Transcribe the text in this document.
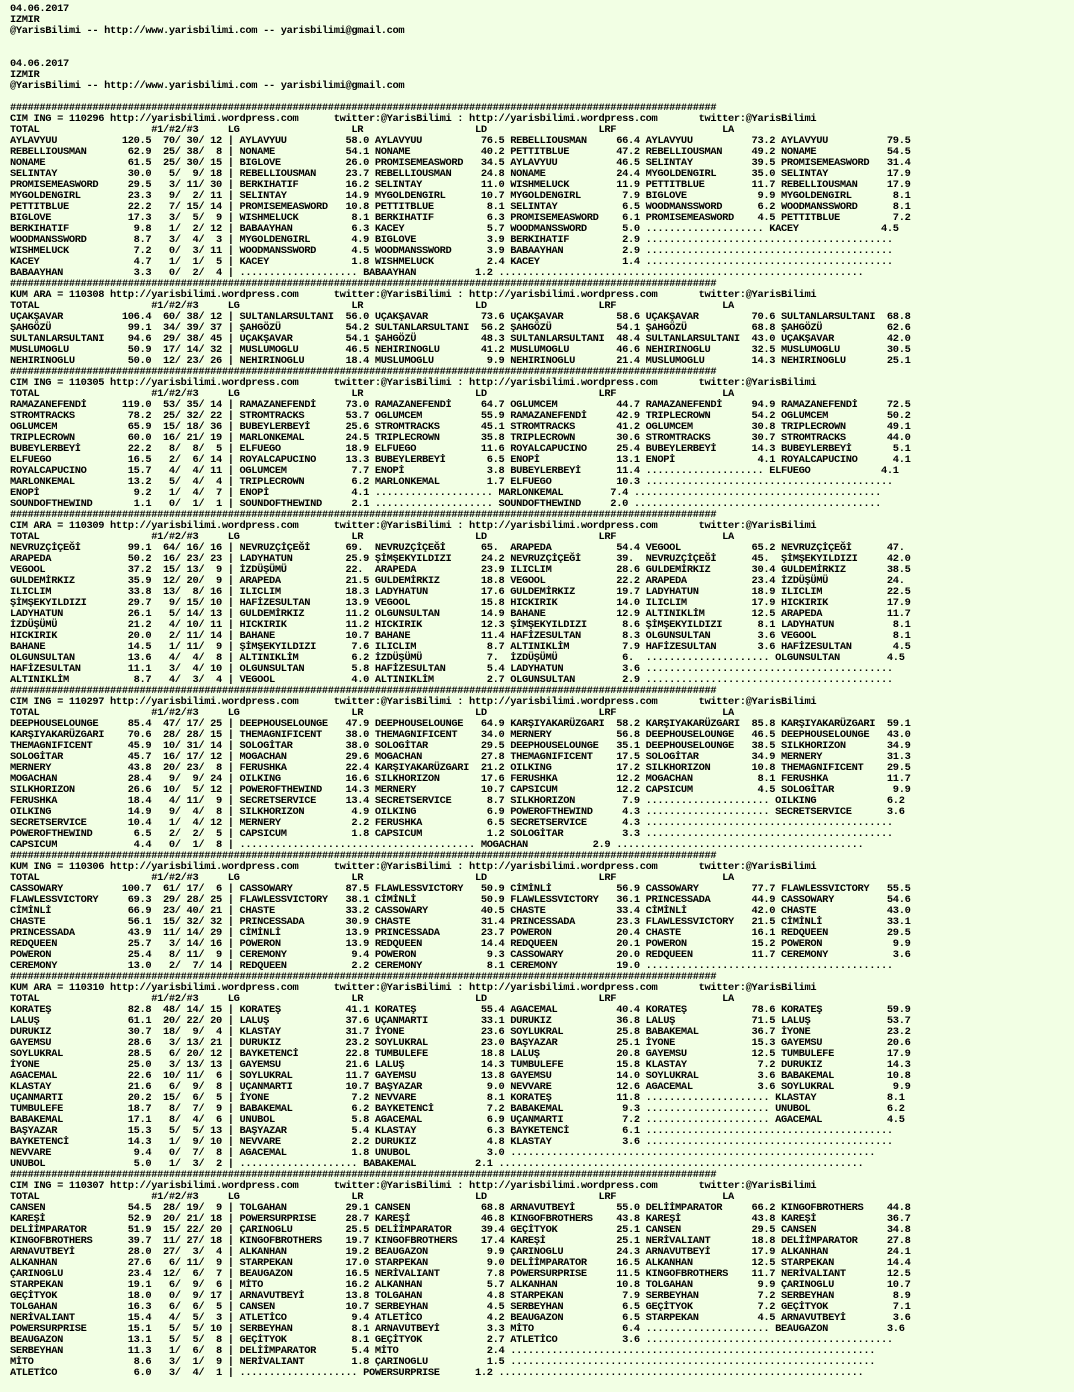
04.06.2017
IZMIR
@YarisBilimi -- http://www.yarisbilimi.com -- yarisbilimi@gmail.com

04.06.2017
IZMIR
@YarisBilimi -- http://www.yarisbilimi.com -- yarisbilimi@gmail.com

########################################################################################################################
CIM ING = 110296 http://yarisbilimi.wordpress.com      twitter:@YarisBilimi : http://yarisbilimi.wordpress.com       twitter:@YarisBilimi
TOTAL                   #1/#2/#3     LG                   LR                   LD                   LRF                  LA
AYLAVYUU           120.5  70/ 30/ 12 | AYLAVYUU          58.0 AYLAVYUU          76.5 REBELLIOUSMAN     66.4 AYLAVYUU          73.2 AYLAVYUU          79.5
REBELLIOUSMAN       62.9  25/ 38/  8 | NONAME            54.1 NONAME            40.2 PETTITBLUE        47.2 REBELLIOUSMAN     49.2 NONAME            54.5
NONAME              61.5  25/ 30/ 15 | BIGLOVE           26.0 PROMISEMEASWORD   34.5 AYLAVYUU          46.5 SELINTAY          39.5 PROMISEMEASWORD   31.4
SELINTAY            30.0   5/  9/ 18 | REBELLIOUSMAN     23.7 REBELLIOUSMAN     24.8 NONAME            24.4 MYGOLDENGIRL      35.0 SELINTAY          17.9
PROMISEMEASWORD     29.5   3/ 11/ 30 | BERKIHATIF        16.2 SELINTAY          11.0 WISHMELUCK        11.9 PETTITBLUE        11.7 REBELLIOUSMAN     17.9
MYGOLDENGIRL        23.3   9/  2/ 11 | SELINTAY          14.9 MYGOLDENGIRL      10.7 MYGOLDENGIRL       7.9 BIGLOVE            9.9 MYGOLDENGIRL       8.1
PETTITBLUE          22.2   7/ 15/ 14 | PROMISEMEASWORD   10.8 PETTITBLUE         8.1 SELINTAY           6.5 WOODMANSSWORD      6.2 WOODMANSSWORD      8.1
BIGLOVE             17.3   3/  5/  9 | WISHMELUCK         8.1 BERKIHATIF         6.3 PROMISEMEASWORD    6.1 PROMISEMEASWORD    4.5 PETTITBLUE         7.2
BERKIHATIF           9.8   1/  2/ 12 | BABAAYHAN          6.3 KACEY              5.7 WOODMANSSWORD      5.0 .................... KACEY              4.5
WOODMANSSWORD        8.7   3/  4/  3 | MYGOLDENGIRL       4.9 BIGLOVE            3.9 BERKIHATIF         2.9 ..........................................
WISHMELUCK           7.2   0/  3/ 11 | WOODMANSSWORD      4.5 WOODMANSSWORD      3.9 BABAAYHAN          2.9 ..........................................
KACEY                4.7   1/  1/  5 | KACEY              1.8 WISHMELUCK         2.4 KACEY              1.4 ..........................................
BABAAYHAN            3.3   0/  2/  4 | .................... BABAAYHAN          1.2 ..............................................................
########################################################################################################################
KUM ARA = 110308 http://yarisbilimi.wordpress.com      twitter:@YarisBilimi : http://yarisbilimi.wordpress.com       twitter:@YarisBilimi
TOTAL                   #1/#2/#3     LG                   LR                   LD                   LRF                  LA
UÇAKŞAVAR          106.4  60/ 38/ 12 | SULTANLARSULTANI  56.0 UÇAKŞAVAR         73.6 UÇAKŞAVAR         58.6 UÇAKŞAVAR         70.6 SULTANLARSULTANI  68.8
ŞAHGÖZÜ             99.1  34/ 39/ 37 | ŞAHGÖZÜ           54.2 SULTANLARSULTANI  56.2 ŞAHGÖZÜ           54.1 ŞAHGÖZÜ           68.8 ŞAHGÖZÜ           62.6
SULTANLARSULTANI    94.6  29/ 38/ 45 | UÇAKŞAVAR         54.1 ŞAHGÖZÜ           48.3 SULTANLARSULTANI  48.4 SULTANLARSULTANI  43.0 UÇAKŞAVAR         42.0
MUSLUMOGLU          50.9  17/ 14/ 32 | MUSLUMOGLU        46.5 NEHIRINOGLU       41.2 MUSLUMOGLU        46.6 NEHIRINOGLU       32.5 MUSLUMOGLU        30.5
NEHIRINOGLU         50.0  12/ 23/ 26 | NEHIRINOGLU       18.4 MUSLUMOGLU         9.9 NEHIRINOGLU       21.4 MUSLUMOGLU        14.3 NEHIRINOGLU       25.1
########################################################################################################################
CIM ING = 110305 http://yarisbilimi.wordpress.com      twitter:@YarisBilimi : http://yarisbilimi.wordpress.com       twitter:@YarisBilimi
TOTAL                   #1/#2/#3     LG                   LR                   LD                   LRF                  LA
RAMAZANEFENDİ      119.0  53/ 35/ 14 | RAMAZANEFENDİ     73.0 RAMAZANEFENDİ     64.7 OGLUMCEM          44.7 RAMAZANEFENDİ     94.9 RAMAZANEFENDİ     72.5
STROMTRACKS         78.2  25/ 32/ 22 | STROMTRACKS       53.7 OGLUMCEM          55.9 RAMAZANEFENDİ     42.9 TRIPLECROWN       54.2 OGLUMCEM          50.2
OGLUMCEM            65.9  15/ 18/ 36 | BUBEYLERBEYİ      25.6 STROMTRACKS       45.1 STROMTRACKS       41.2 OGLUMCEM          30.8 TRIPLECROWN       49.1
TRIPLECROWN         60.0  16/ 21/ 19 | MARLONKEMAL       24.5 TRIPLECROWN       35.8 TRIPLECROWN       30.6 STROMTRACKS       30.7 STROMTRACKS       44.0
BUBEYLERBEYİ        22.2   8/  8/  5 | ELFUEGO           18.9 ELFUEGO           11.6 ROYALCAPUCINO     25.4 BUBEYLERBEYİ      14.3 BUBEYLERBEYİ       5.1
ELFUEGO             16.5   2/  6/ 14 | ROYALCAPUCINO     13.3 BUBEYLERBEYİ       6.5 ENOPİ             13.1 ENOPİ              4.1 ROYALCAPUCINO      4.1
ROYALCAPUCINO       15.7   4/  4/ 11 | OGLUMCEM           7.7 ENOPİ              3.8 BUBEYLERBEYİ      11.4 .................... ELFUEGO            4.1
MARLONKEMAL         13.2   5/  4/  4 | TRIPLECROWN        6.2 MARLONKEMAL        1.7 ELFUEGO           10.3 ..........................................
ENOPİ                9.2   1/  4/  7 | ENOPİ              4.1 .................... MARLONKEMAL        7.4 ..........................................
SOUNDOFTHEWIND       1.1   0/  1/  1 | SOUNDOFTHEWIND     2.1 .................... SOUNDOFTHEWIND     2.0 ..........................................
########################################################################################################################
CIM ARA = 110309 http://yarisbilimi.wordpress.com      twitter:@YarisBilimi : http://yarisbilimi.wordpress.com       twitter:@YarisBilimi
TOTAL                   #1/#2/#3     LG                   LR                   LD                   LRF                  LA
NEVRUZÇİÇEĞİ        99.1  64/ 16/ 16 | NEVRUZÇİÇEĞİ      69.  NEVRUZÇİÇEĞİ      65.  ARAPEDA           54.4 VEGOOL            65.2 NEVRUZÇİÇEĞİ      47.
ARAPEDA             50.2  16/ 23/ 23 | LADYHATUN         25.9 ŞİMŞEKYILDIZI     24.2 NEVRUZÇİÇEĞİ      39.  NEVRUZÇİÇEĞİ      45.  ŞİMŞEKYILDIZI     42.0
VEGOOL              37.2  15/ 13/  9 | İZDÜŞÜMÜ          22.  ARAPEDA           23.9 ILICLIM           28.6 GULDEMİRKIZ       30.4 GULDEMİRKIZ       38.5
GULDEMİRKIZ         35.9  12/ 20/  9 | ARAPEDA           21.5 GULDEMİRKIZ       18.8 VEGOOL            22.2 ARAPEDA           23.4 İZDÜŞÜMÜ          24.
ILICLIM             33.8  13/  8/ 16 | ILICLIM           18.3 LADYHATUN         17.6 GULDEMİRKIZ       19.7 LADYHATUN         18.9 ILICLIM           22.5
ŞİMŞEKYILDIZI       29.7   9/ 15/ 10 | HAFİZESULTAN      13.9 VEGOOL            15.8 HICKIRIK          14.0 ILICLIM           17.9 HICKIRIK          17.9
LADYHATUN           26.1   5/ 14/ 13 | GULDEMİRKIZ       11.2 OLGUNSULTAN       14.9 BAHANE            12.9 ALTINIKLİM        12.5 ARAPEDA           11.7
İZDÜŞÜMÜ            21.2   4/ 10/ 11 | HICKIRIK          11.2 HICKIRIK          12.3 ŞİMŞEKYILDIZI      8.6 ŞİMŞEKYILDIZI      8.1 LADYHATUN          8.1
HICKIRIK            20.0   2/ 11/ 14 | BAHANE            10.7 BAHANE            11.4 HAFİZESULTAN       8.3 OLGUNSULTAN        3.6 VEGOOL             8.1
BAHANE              14.5   1/ 11/  9 | ŞİMŞEKYILDIZI      7.6 ILICLIM            8.7 ALTINIKLİM         7.9 HAFİZESULTAN       3.6 HAFİZESULTAN       4.5
OLGUNSULTAN         13.6   4/  4/  8 | ALTINIKLİM         6.2 İZDÜŞÜMÜ           7.  İZDÜŞÜMÜ           6.  ..................... OLGUNSULTAN        4.5
HAFİZESULTAN        11.1   3/  4/ 10 | OLGUNSULTAN        5.8 HAFİZESULTAN       5.4 LADYHATUN          3.6 ..........................................
ALTINIKLİM           8.7   4/  3/  4 | VEGOOL             4.0 ALTINIKLİM         2.7 OLGUNSULTAN        2.9 ..........................................
########################################################################################################################
CIM ING = 110297 http://yarisbilimi.wordpress.com      twitter:@YarisBilimi : http://yarisbilimi.wordpress.com       twitter:@YarisBilimi
TOTAL                   #1/#2/#3     LG                   LR                   LD                   LRF                  LA
DEEPHOUSELOUNGE     85.4  47/ 17/ 25 | DEEPHOUSELOUNGE   47.9 DEEPHOUSELOUNGE   64.9 KARŞIYAKARÜZGARI  58.2 KARŞIYAKARÜZGARI  85.8 KARŞIYAKARÜZGARI  59.1
KARŞIYAKARÜZGARI    70.6  28/ 28/ 15 | THEMAGNIFICENT    38.0 THEMAGNIFICENT    34.0 MERNERY           56.8 DEEPHOUSELOUNGE   46.5 DEEPHOUSELOUNGE   43.0
THEMAGNIFICENT      45.9  10/ 31/ 14 | SOLOGİTAR         38.0 SOLOGİTAR         29.5 DEEPHOUSELOUNGE   35.1 DEEPHOUSELOUNGE   38.5 SILKHORIZON       34.9
SOLOGİTAR           45.7  16/ 17/ 12 | MOGACHAN          29.6 MOGACHAN          27.8 THEMAGNIFICENT    17.5 SOLOGİTAR         34.9 MERNERY           31.3
MERNERY             43.8  20/ 23/  8 | FERUSHKA          22.4 KARŞIYAKARÜZGARI  21.2 OILKING           17.2 SILKHORIZON       10.8 THEMAGNIFICENT    29.5
MOGACHAN            28.4   9/  9/ 24 | OILKING           16.6 SILKHORIZON       17.6 FERUSHKA          12.2 MOGACHAN           8.1 FERUSHKA          11.7
SILKHORIZON         26.6  10/  5/ 12 | POWEROFTHEWIND    14.3 MERNERY           10.7 CAPSICUM          12.2 CAPSICUM           4.5 SOLOGİTAR          9.9
FERUSHKA            18.4   4/ 11/  9 | SECRETSERVICE     13.4 SECRETSERVICE      8.7 SILKHORIZON        7.9 ..................... OILKING            6.2
OILKING             14.9   9/  4/  8 | SILKHORIZON        4.9 OILKING            6.9 POWEROFTHEWIND     4.3 ..................... SECRETSERVICE      3.6
SECRETSERVICE       10.4   1/  4/ 12 | MERNERY            2.2 FERUSHKA           6.5 SECRETSERVICE      4.3 ..........................................
POWEROFTHEWIND       6.5   2/  2/  5 | CAPSICUM           1.8 CAPSICUM           1.2 SOLOGİTAR          3.3 ..........................................
CAPSICUM             4.4   0/  1/  8 | ........................................ MOGACHAN           2.9 ..........................................
########################################################################################################################
KUM ING = 110306 http://yarisbilimi.wordpress.com      twitter:@YarisBilimi : http://yarisbilimi.wordpress.com       twitter:@YarisBilimi
TOTAL                   #1/#2/#3     LG                   LR                   LD                   LRF                  LA
CASSOWARY          100.7  61/ 17/  6 | CASSOWARY         87.5 FLAWLESSVICTORY   50.9 CİMİNLİ           56.9 CASSOWARY         77.7 FLAWLESSVICTORY   55.5
FLAWLESSVICTORY     69.3  29/ 28/ 25 | FLAWLESSVICTORY   38.1 CİMİNLİ           50.9 FLAWLESSVICTORY   36.1 PRINCESSADA       44.9 CASSOWARY         54.6
CİMİNLİ             66.9  23/ 40/ 21 | CHASTE            33.2 CASSOWARY         40.5 CHASTE            33.4 CİMİNLİ           42.0 CHASTE            43.0
CHASTE              56.1  15/ 32/ 32 | PRINCESSADA       30.9 CHASTE            31.4 PRINCESSADA       23.3 FLAWLESSVICTORY   21.5 CİMİNLİ           33.1
PRINCESSADA         43.9  11/ 14/ 29 | CİMİNLİ           13.9 PRINCESSADA       23.7 POWERON           20.4 CHASTE            16.1 REDQUEEN          29.5
REDQUEEN            25.7   3/ 14/ 16 | POWERON           13.9 REDQUEEN          14.4 REDQUEEN          20.1 POWERON           15.2 POWERON            9.9
POWERON             25.4   8/ 11/  9 | CEREMONY           9.4 POWERON            9.3 CASSOWARY         20.0 REDQUEEN          11.7 CEREMONY           3.6
CEREMONY            13.0   2/  7/ 14 | REDQUEEN           2.2 CEREMONY           8.1 CEREMONY          19.0 ..........................................
########################################################################################################################
KUM ARA = 110310 http://yarisbilimi.wordpress.com      twitter:@YarisBilimi : http://yarisbilimi.wordpress.com       twitter:@YarisBilimi
TOTAL                   #1/#2/#3     LG                   LR                   LD                   LRF                  LA
KORATEŞ             82.8  48/ 14/ 15 | KORATEŞ           41.1 KORATEŞ           55.4 AGACEMAL          40.4 KORATEŞ           78.6 KORATEŞ           59.9
LALUŞ               61.1  20/ 22/ 20 | LALUŞ             37.6 UÇANMARTI         33.1 DURUKIZ           36.8 LALUŞ             71.5 LALUŞ             53.7
DURUKIZ             30.7  18/  9/  4 | KLASTAY           31.7 İYONE             23.6 SOYLUKRAL         25.8 BABAKEMAL         36.7 İYONE             23.2
GAYEMSU             28.6   3/ 13/ 21 | DURUKIZ           23.2 SOYLUKRAL         23.0 BAŞYAZAR          25.1 İYONE             15.3 GAYEMSU           20.6
SOYLUKRAL           28.5   6/ 20/ 12 | BAYKETENCİ        22.8 TUMBULEFE         18.8 LALUŞ             20.8 GAYEMSU           12.5 TUMBULEFE         17.9
İYONE               25.0   3/ 13/ 13 | GAYEMSU           21.6 LALUŞ             14.3 TUMBULEFE         15.8 KLASTAY            7.2 DURUKIZ           14.3
AGACEMAL            22.6  10/ 11/  6 | SOYLUKRAL         11.7 GAYEMSU           13.8 GAYEMSU           14.0 SOYLUKRAL          3.6 BABAKEMAL         10.8
KLASTAY             21.6   6/  9/  8 | UÇANMARTI         10.7 BAŞYAZAR           9.0 NEVVARE           12.6 AGACEMAL           3.6 SOYLUKRAL          9.9
UÇANMARTI           20.2  15/  6/  5 | İYONE              7.2 NEVVARE            8.1 KORATEŞ           11.8 ..................... KLASTAY            8.1
TUMBULEFE           18.7   8/  7/  9 | BABAKEMAL          6.2 BAYKETENCİ         7.2 BABAKEMAL          9.3 ..................... UNUBOL             6.2
BABAKEMAL           17.1   8/  4/  6 | UNUBOL             5.8 AGACEMAL           6.9 UÇANMARTI          7.2 ..................... AGACEMAL           4.5
BAŞYAZAR            15.3   5/  5/ 13 | BAŞYAZAR           5.4 KLASTAY            6.3 BAYKETENCİ         6.1 ..........................................
BAYKETENCİ          14.3   1/  9/ 10 | NEVVARE            2.2 DURUKIZ            4.8 KLASTAY            3.6 ..........................................
NEVVARE              9.4   0/  7/  8 | AGACEMAL           1.8 UNUBOL             3.0 ..............................................................
UNUBOL               5.0   1/  3/  2 | .................... BABAKEMAL          2.1 ..............................................................
########################################################################################################################
CIM ING = 110307 http://yarisbilimi.wordpress.com      twitter:@YarisBilimi : http://yarisbilimi.wordpress.com       twitter:@YarisBilimi
TOTAL                   #1/#2/#3     LG                   LR                   LD                   LRF                  LA
CANSEN              54.5  28/ 19/  9 | TOLGAHAN          29.1 CANSEN            68.8 ARNAVUTBEYİ       55.0 DELİİMPARATOR     66.2 KINGOFBROTHERS    44.8
KAREŞİ              52.9  20/ 21/ 18 | POWERSURPRISE     28.7 KAREŞİ            46.8 KINGOFBROTHERS    43.8 KAREŞİ            43.8 KAREŞİ            36.7
DELİİMPARATOR       51.9  15/ 22/ 20 | ÇARINOGLU         25.5 DELİİMPARATOR     39.4 GEÇİTYOK          25.1 CANSEN            29.5 CANSEN            34.8
KINGOFBROTHERS      39.7  11/ 27/ 18 | KINGOFBROTHERS    19.7 KINGOFBROTHERS    17.4 KAREŞİ            25.1 NERİVALIANT       18.8 DELİİMPARATOR     27.8
ARNAVUTBEYİ         28.0  27/  3/  4 | ALKANHAN          19.2 BEAUGAZON          9.9 ÇARINOGLU         24.3 ARNAVUTBEYİ       17.9 ALKANHAN          24.1
ALKANHAN            27.6   6/ 11/  9 | STARPEKAN         17.0 STARPEKAN          9.0 DELİİMPARATOR     16.5 ALKANHAN          12.5 STARPEKAN         14.4
ÇARINOGLU           23.4  12/  6/  7 | BEAUGAZON         16.5 NERİVALIANT        7.8 POWERSURPRISE     11.5 KINGOFBROTHERS    11.7 NERİVALIANT       12.5
STARPEKAN           19.1   6/  9/  6 | MİTO              16.2 ALKANHAN           5.7 ALKANHAN          10.8 TOLGAHAN           9.9 ÇARINOGLU         10.7
GEÇİTYOK            18.0   0/  9/ 17 | ARNAVUTBEYİ       13.8 TOLGAHAN           4.8 STARPEKAN          7.9 SERBEYHAN          7.2 SERBEYHAN          8.9
TOLGAHAN            16.3   6/  6/  5 | CANSEN            10.7 SERBEYHAN          4.5 SERBEYHAN          6.5 GEÇİTYOK           7.2 GEÇİTYOK           7.1
NERİVALIANT         15.4   4/  5/  3 | ATLETİCO           9.4 ATLETİCO           4.2 BEAUGAZON          6.5 STARPEKAN          4.5 ARNAVUTBEYİ        3.6
POWERSURPRISE       15.1   5/  5/ 10 | SERBEYHAN          8.1 ARNAVUTBEYİ        3.3 MİTO               6.4 ..................... BEAUGAZON          3.6
BEAUGAZON           13.1   5/  5/  8 | GEÇİTYOK           8.1 GEÇİTYOK           2.7 ATLETİCO           3.6 ..........................................
SERBEYHAN           11.3   1/  6/  8 | DELİİMPARATOR      5.4 MİTO               2.4 ..............................................................
MİTO                 8.6   3/  1/  9 | NERİVALIANT        1.8 ÇARINOGLU          1.5 ..............................................................
ATLETİCO             6.0   3/  4/  1 | .................... POWERSURPRISE      1.2 ..............................................................
